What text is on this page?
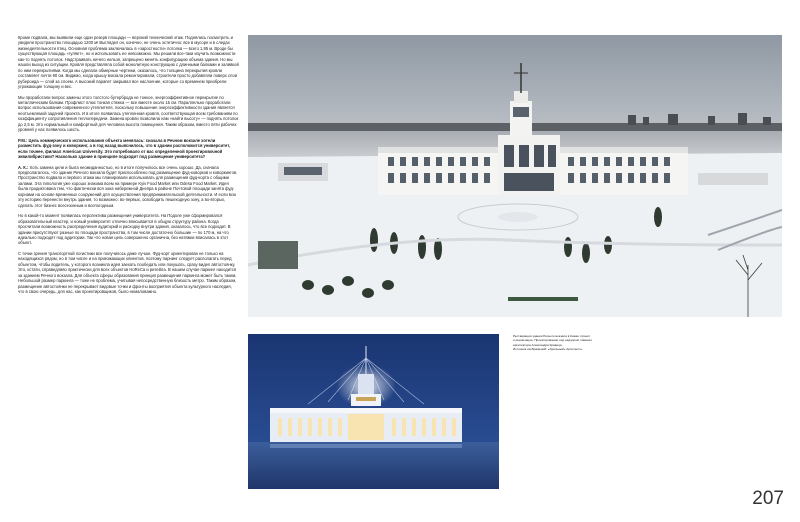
Кроме подвала, мы выявили еще один резерв площади — верхний технический этаж. Поднялись посмотреть и увидели пространство площадью 1200 м! Выглядел он, конечно, не очень эстетично: все в мусоре и в следах жизнедеятельности птиц. Основная проблема заключалась в «заростности» потолка — всего 1,95 м. Вроде бы существующая площадь «гуляет», но и использовать ее невозможно. Мы решили все-таки изучить возможности как-то поднять потолок. Надстраивать ничего нельзя, запрещено менять конфигурацию объема здания. Но мы нашли выход из ситуации. Кровля представляла собой монолитную конструкцию с длинными балками и заливкой по ним перекрытиями. Когда мы сделали обмерные чертежи, оказалось, что толщина перекрытия кровли составляет почти 90 см. Видимо, когда крышу вокзала ремонтировали, строители просто добавляли поверх слои рубероида — слой за слоем. А высокий парапет закрывал все наслоение, которые со временем приобрели угрожающие толщину и вес.

Мы проработали вопрос замены этого толстого бутерброда не тонкое, энергоэффективное перекрытие по металлическим балкам. Профлист плюс тонкая стяжка — все вместе около 15 см. Параллельно проработали вопрос использования современного утеплителя, поскольку повышение энергоэффективности здания является неотъемлемой задачей проекта. И в итоге появилась утепленная кровля, соответствующая всем требованиям по коэффициенту сопротивления теплопередачи. Замена кровли позволила нам «найти высоту» — поднять потолок до 2,5 м. Это нормальный и комфортный для человека высота помещения. Таким образом, вместо пяти рабочих уровней у нас появилось шесть.

P.M.: Цель коммерческого использования объекта менялась: сначала в Речном вокзале хотели разместить фуд-зону и коворкинг, а в год назад выяснилось, что в здании расположится университет, если точнее, филиал American University. Это потребовало от вас определенной проектировочной эквилибристики? Насколько здание в принципе подходит под размещение университета?

А. К.: Хоть замена цели и была неожиданностью, но в итоге получилось все очень хорошо. Да, сначала предполагалось, что здание Речного вокзала будет приспособлено под размещение фуд-коворков и коворкингов. Пространство подвала и первого этажа мы планировали использовать для размещения фуд-корта с общими залами. Эта типология уже хорошо знакома всем на примере Kyiv Food Market или Odesa Food Market. Идея была продиктована тем, что фактически вся зона набережной Днепра в районе Почтовой площади занята фуд-корнами на основе временных сооружений для осуществления предпринимательской деятельности. И если всю эту историю перенести внутрь здания, то возможно: во-первых, освободить пешеходную зону, а во-вторых, сделать этот бизнес всесезонным и всепогодным.

Но в какой-то момент появилась перспектива размещения университета. На Подоле уже сформировался образовательный кластер, и новый университет отлично вписывается в общую структуру района. Когда просчитали возможность распределения аудиторий и расходку внутри здания, оказалось, что все подходит. В здании присутствуют разные по площади пространства, в том числе достаточно большие — по 170 м, на что идеально подходят под аудитории. Так что новая цель совершенно органична, без натяжки вписалась в этот объект.

С точки зрения транспортной логистики все получилось даже лучше. Фуд-корт ориентирован не только на находящихся рядом, но в том числе и на приезжающих клиентов, поэтому парнинг следует располагать перед объектом, чтобы водитель, у которого возникла идея заехать пообедать или покушать, сразу видел автостоянку. Это, кстати, справедливо практически для всех объектов HoReCa и ритейла. В нашем случае паркинг находится за зданием Речного вокзала. Для объекта сферы образования принцип размещения паркинга может быть таким. Небольшой размер паркинга — тоже не проблема, учитывая непосредственную близость метро. Таким образом, размещение автостоянки не перекрывает видовые точки и фронты восприятия объекта культурного наследия, что в свою очередь, для нас, как проектировщиков, было немаловажно.

Реставрация здания Речного вокзала в Киеве: проект
и реализация. Проектирование под надзором главного
архитектора Александра Кравеца.
Источник изображений: «Удельный» Архитектс»
207
